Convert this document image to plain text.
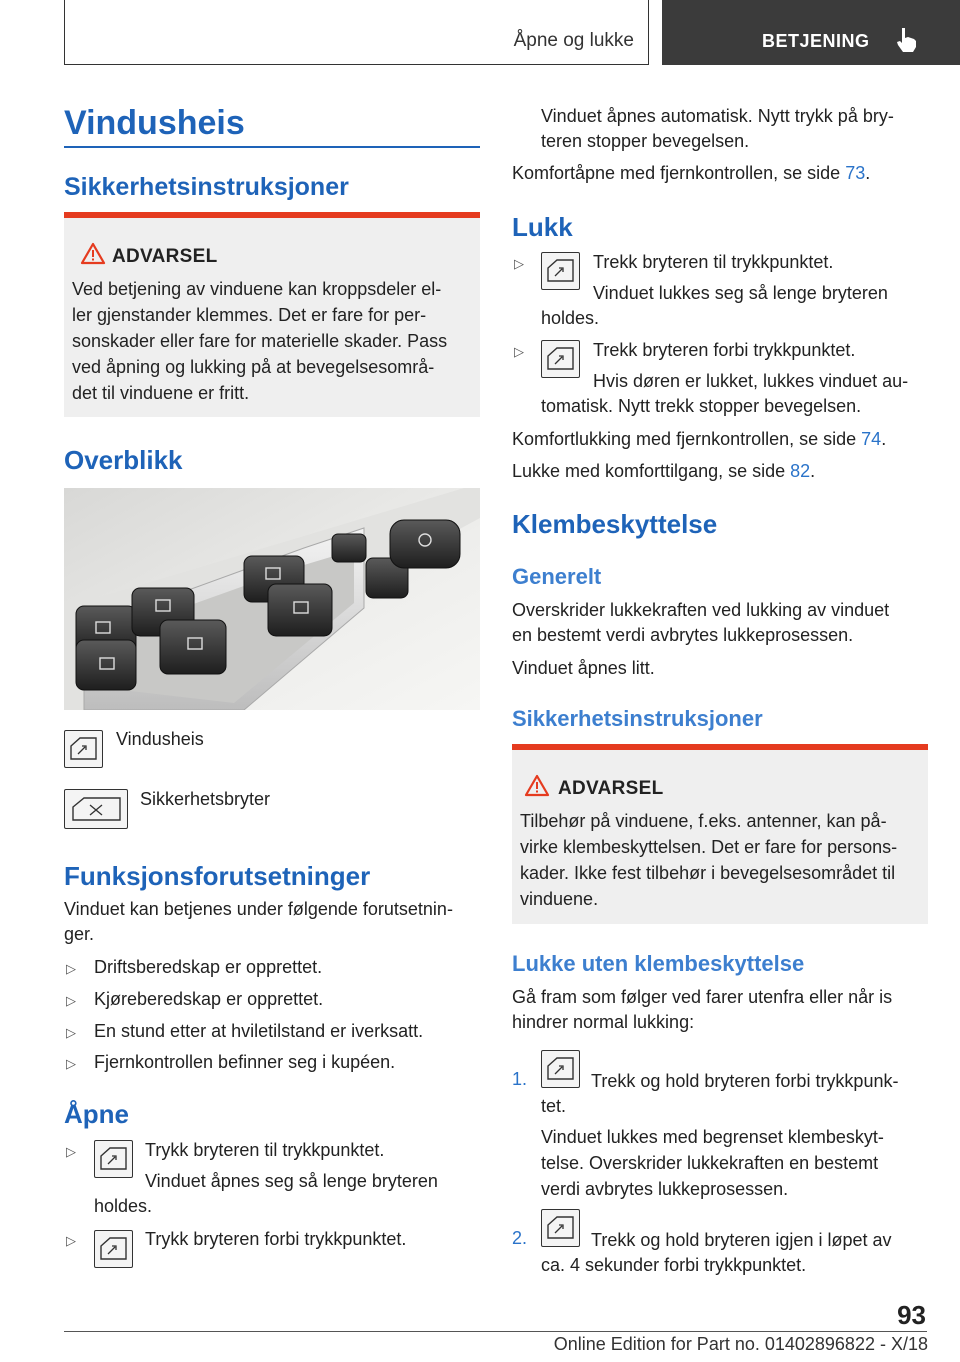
Åpne og lukke	BETJENING
Vindusheis
Sikkerhetsinstruksjoner
ADVARSEL
Ved betjening av vinduene kan kroppsdeler el-
ler gjenstander klemmes. Det er fare for per-
sonskader eller fare for materielle skader. Pass
ved åpning og lukking på at bevegelsesområ-
det til vinduene er fritt.
Overblikk

Vindusheis

Sikkerhetsbryter

Funksjonsforutsetninger

Vinduet kan betjenes under følgende forutsetnin-
ger.

▷ Driftsberedskap er opprettet.

▷ Kjøreberedskap er opprettet.

▷ En stund etter at hviletilstand er iverksatt.

▷ Fjernkontrollen befinner seg i kupéen.

Åpne
▷	Trykk bryteren til trykkpunktet.

Vinduet åpnes seg så lenge bryteren

holdes.

▷	Trykk bryteren forbi trykkpunktet.

Vinduet åpnes automatisk. Nytt trykk på bry-
teren stopper bevegelsen.

Komfortåpne med fjernkontrollen, se side 73.

Lukk
▷	Trekk bryteren til trykkpunktet.

Vinduet lukkes seg så lenge bryteren

holdes.

▷	Trekk bryteren forbi trykkpunktet.

Hvis døren er lukket, lukkes vinduet au-

tomatisk. Nytt trekk stopper bevegelsen.

Komfortlukking med fjernkontrollen, se side 74.

Lukke med komforttilgang, se side 82.

Klembeskyttelse
Generelt

Overskrider lukkekraften ved lukking av vinduet
en bestemt verdi avbrytes lukkeprosessen.

Vinduet åpnes litt.

Sikkerhetsinstruksjoner
ADVARSEL
Tilbehør på vinduene, f.eks. antenner, kan på-
virke klembeskyttelsen. Det er fare for persons-
kader. Ikke fest tilbehør i bevegelsesområdet til
vinduene.
Lukke uten klembeskyttelse

Gå fram som følger ved farer utenfra eller når is
hindrer normal lukking:

1.	Trekk og hold bryteren forbi trykkpunk-

tet.

Vinduet lukkes med begrenset klembeskyt-

telse. Overskrider lukkekraften en bestemt

verdi avbrytes lukkeprosessen.

2.	Trekk og hold bryteren igjen i løpet av

ca. 4 sekunder forbi trykkpunktet.

93
Online Edition for Part no. 01402896822 - X/18
